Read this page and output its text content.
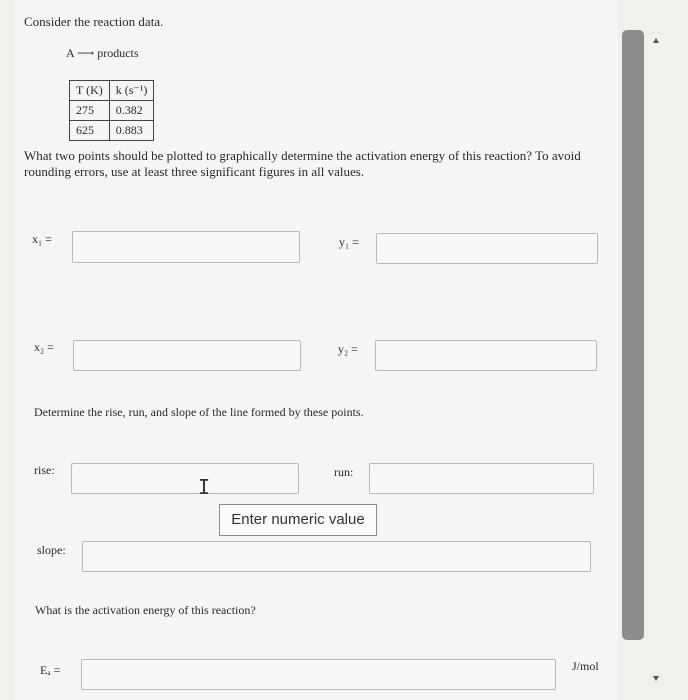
Consider the reaction data.
A ⟶ products
T (K)	k (s⁻¹)
275	0.382
625	0.883
What two points should be plotted to graphically determine the activation energy of this reaction? To avoid rounding errors, use at least three significant figures in all values.
x₁ =	y₁ =
x₂ =	y₂ =
Determine the rise, run, and slope of the line formed by these points.
rise:	run:
slope:
What is the activation energy of this reaction?
Eₐ =	J/mol
I
Enter numeric value
